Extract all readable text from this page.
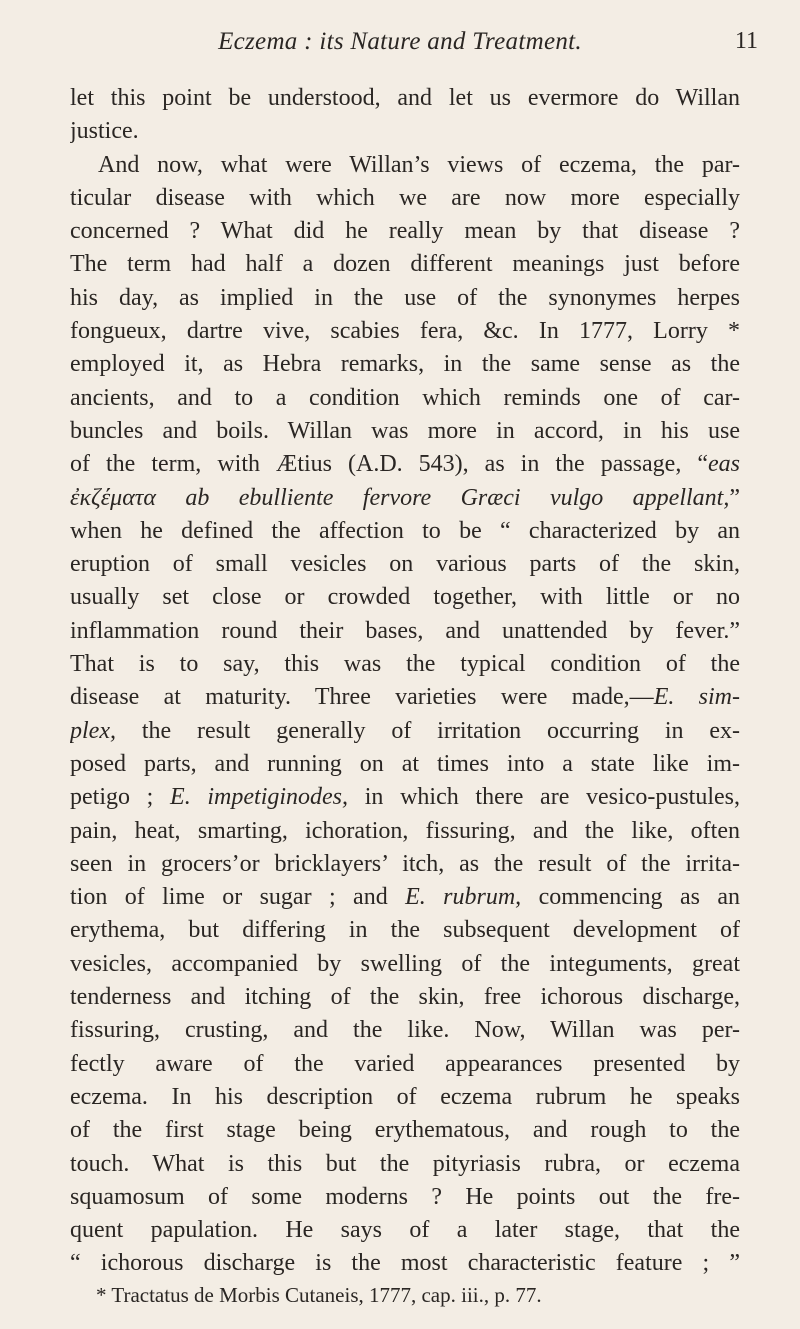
Eczema : its Nature and Treatment.	11
let this point be understood, and let us evermore do Willan
justice.
And now, what were Willan’s views of eczema, the par-
ticular disease with which we are now more especially
concerned ? What did he really mean by that disease ?
The term had half a dozen different meanings just before
his day, as implied in the use of the synonymes herpes
fongueux, dartre vive, scabies fera, &c. In 1777, Lorry *
employed it, as Hebra remarks, in the same sense as the
ancients, and to a condition which reminds one of car-
buncles and boils. Willan was more in accord, in his use
of the term, with Ætius (A.D. 543), as in the passage, “eas
ἐκζέματα ab ebulliente fervore Græci vulgo appellant,”
when he defined the affection to be “ characterized by an
eruption of small vesicles on various parts of the skin,
usually set close or crowded together, with little or no
inflammation round their bases, and unattended by fever.”
That is to say, this was the typical condition of the
disease at maturity. Three varieties were made,—E. sim-
plex, the result generally of irritation occurring in ex-
posed parts, and running on at times into a state like im-
petigo ; E. impetiginodes, in which there are vesico-pustules,
pain, heat, smarting, ichoration, fissuring, and the like, often
seen in grocers’or bricklayers’ itch, as the result of the irrita-
tion of lime or sugar ; and E. rubrum, commencing as an
erythema, but differing in the subsequent development of
vesicles, accompanied by swelling of the integuments, great
tenderness and itching of the skin, free ichorous discharge,
fissuring, crusting, and the like. Now, Willan was per-
fectly aware of the varied appearances presented by
eczema. In his description of eczema rubrum he speaks
of the first stage being erythematous, and rough to the
touch. What is this but the pityriasis rubra, or eczema
squamosum of some moderns ? He points out the fre-
quent papulation. He says of a later stage, that the
“ ichorous discharge is the most characteristic feature ; ”
* Tractatus de Morbis Cutaneis, 1777, cap. iii., p. 77.
